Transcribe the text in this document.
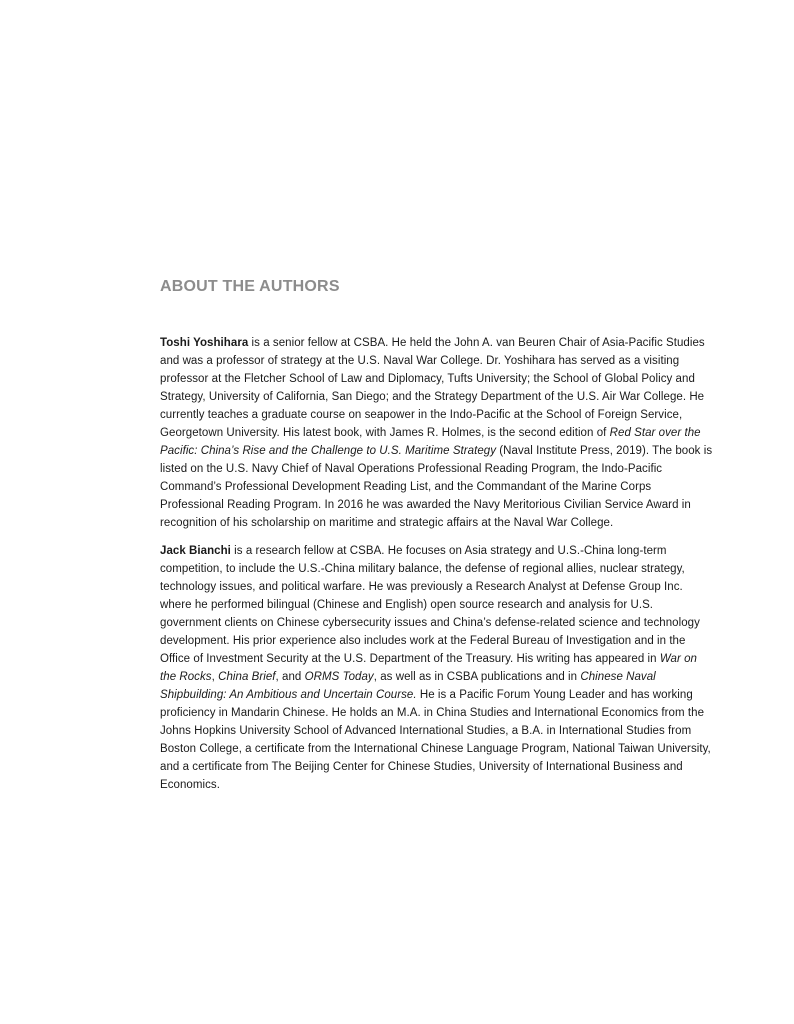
ABOUT THE AUTHORS

Toshi Yoshihara is a senior fellow at CSBA. He held the John A. van Beuren Chair of Asia-Pacific Studies and was a professor of strategy at the U.S. Naval War College. Dr. Yoshihara has served as a visiting professor at the Fletcher School of Law and Diplomacy, Tufts University; the School of Global Policy and Strategy, University of California, San Diego; and the Strategy Department of the U.S. Air War College. He currently teaches a graduate course on seapower in the Indo-Pacific at the School of Foreign Service, Georgetown University. His latest book, with James R. Holmes, is the second edition of Red Star over the Pacific: China’s Rise and the Challenge to U.S. Maritime Strategy (Naval Institute Press, 2019). The book is listed on the U.S. Navy Chief of Naval Operations Professional Reading Program, the Indo-Pacific Command’s Professional Development Reading List, and the Commandant of the Marine Corps Professional Reading Program. In 2016 he was awarded the Navy Meritorious Civilian Service Award in recognition of his scholarship on maritime and strategic affairs at the Naval War College.

Jack Bianchi is a research fellow at CSBA. He focuses on Asia strategy and U.S.-China long-term competition, to include the U.S.-China military balance, the defense of regional allies, nuclear strategy, technology issues, and political warfare. He was previously a Research Analyst at Defense Group Inc. where he performed bilingual (Chinese and English) open source research and analysis for U.S. government clients on Chinese cybersecurity issues and China’s defense-related science and technology development. His prior experience also includes work at the Federal Bureau of Investigation and in the Office of Investment Security at the U.S. Department of the Treasury. His writing has appeared in War on the Rocks, China Brief, and ORMS Today, as well as in CSBA publications and in Chinese Naval Shipbuilding: An Ambitious and Uncertain Course. He is a Pacific Forum Young Leader and has working proficiency in Mandarin Chinese. He holds an M.A. in China Studies and International Economics from the Johns Hopkins University School of Advanced International Studies, a B.A. in International Studies from Boston College, a certificate from the International Chinese Language Program, National Taiwan University, and a certificate from The Beijing Center for Chinese Studies, University of International Business and Economics.
